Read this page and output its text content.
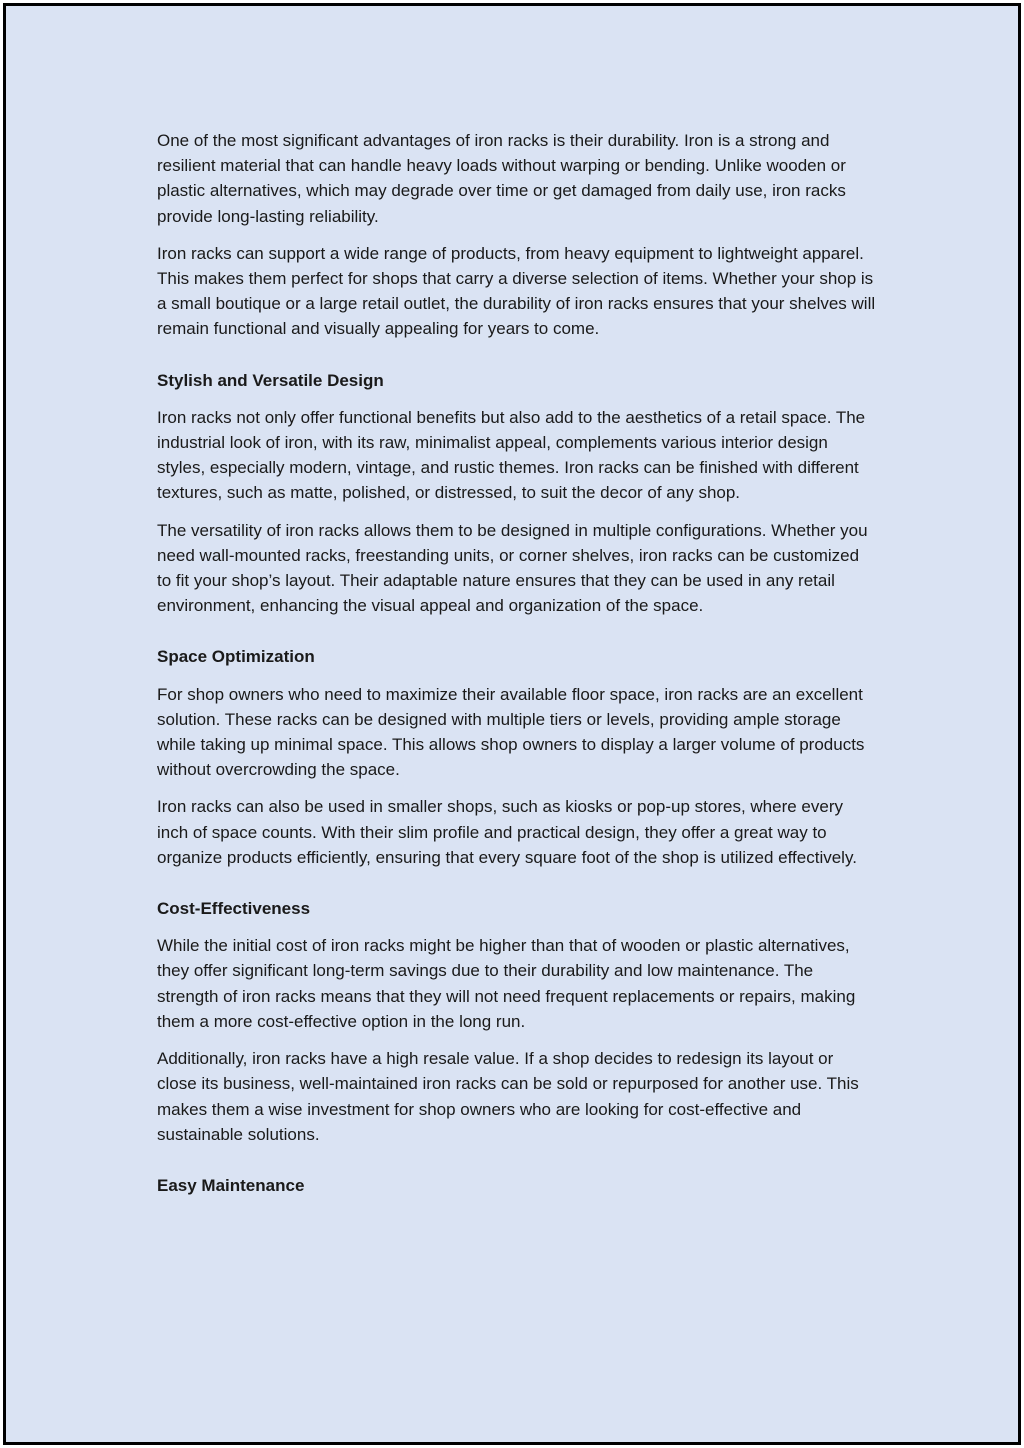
One of the most significant advantages of iron racks is their durability. Iron is a strong and resilient material that can handle heavy loads without warping or bending. Unlike wooden or plastic alternatives, which may degrade over time or get damaged from daily use, iron racks provide long-lasting reliability.

Iron racks can support a wide range of products, from heavy equipment to lightweight apparel. This makes them perfect for shops that carry a diverse selection of items. Whether your shop is a small boutique or a large retail outlet, the durability of iron racks ensures that your shelves will remain functional and visually appealing for years to come.

Stylish and Versatile Design

Iron racks not only offer functional benefits but also add to the aesthetics of a retail space. The industrial look of iron, with its raw, minimalist appeal, complements various interior design styles, especially modern, vintage, and rustic themes. Iron racks can be finished with different textures, such as matte, polished, or distressed, to suit the decor of any shop.

The versatility of iron racks allows them to be designed in multiple configurations. Whether you need wall-mounted racks, freestanding units, or corner shelves, iron racks can be customized to fit your shop’s layout. Their adaptable nature ensures that they can be used in any retail environment, enhancing the visual appeal and organization of the space.

Space Optimization

For shop owners who need to maximize their available floor space, iron racks are an excellent solution. These racks can be designed with multiple tiers or levels, providing ample storage while taking up minimal space. This allows shop owners to display a larger volume of products without overcrowding the space.

Iron racks can also be used in smaller shops, such as kiosks or pop-up stores, where every inch of space counts. With their slim profile and practical design, they offer a great way to organize products efficiently, ensuring that every square foot of the shop is utilized effectively.

Cost-Effectiveness

While the initial cost of iron racks might be higher than that of wooden or plastic alternatives, they offer significant long-term savings due to their durability and low maintenance. The strength of iron racks means that they will not need frequent replacements or repairs, making them a more cost-effective option in the long run.

Additionally, iron racks have a high resale value. If a shop decides to redesign its layout or close its business, well-maintained iron racks can be sold or repurposed for another use. This makes them a wise investment for shop owners who are looking for cost-effective and sustainable solutions.

Easy Maintenance
